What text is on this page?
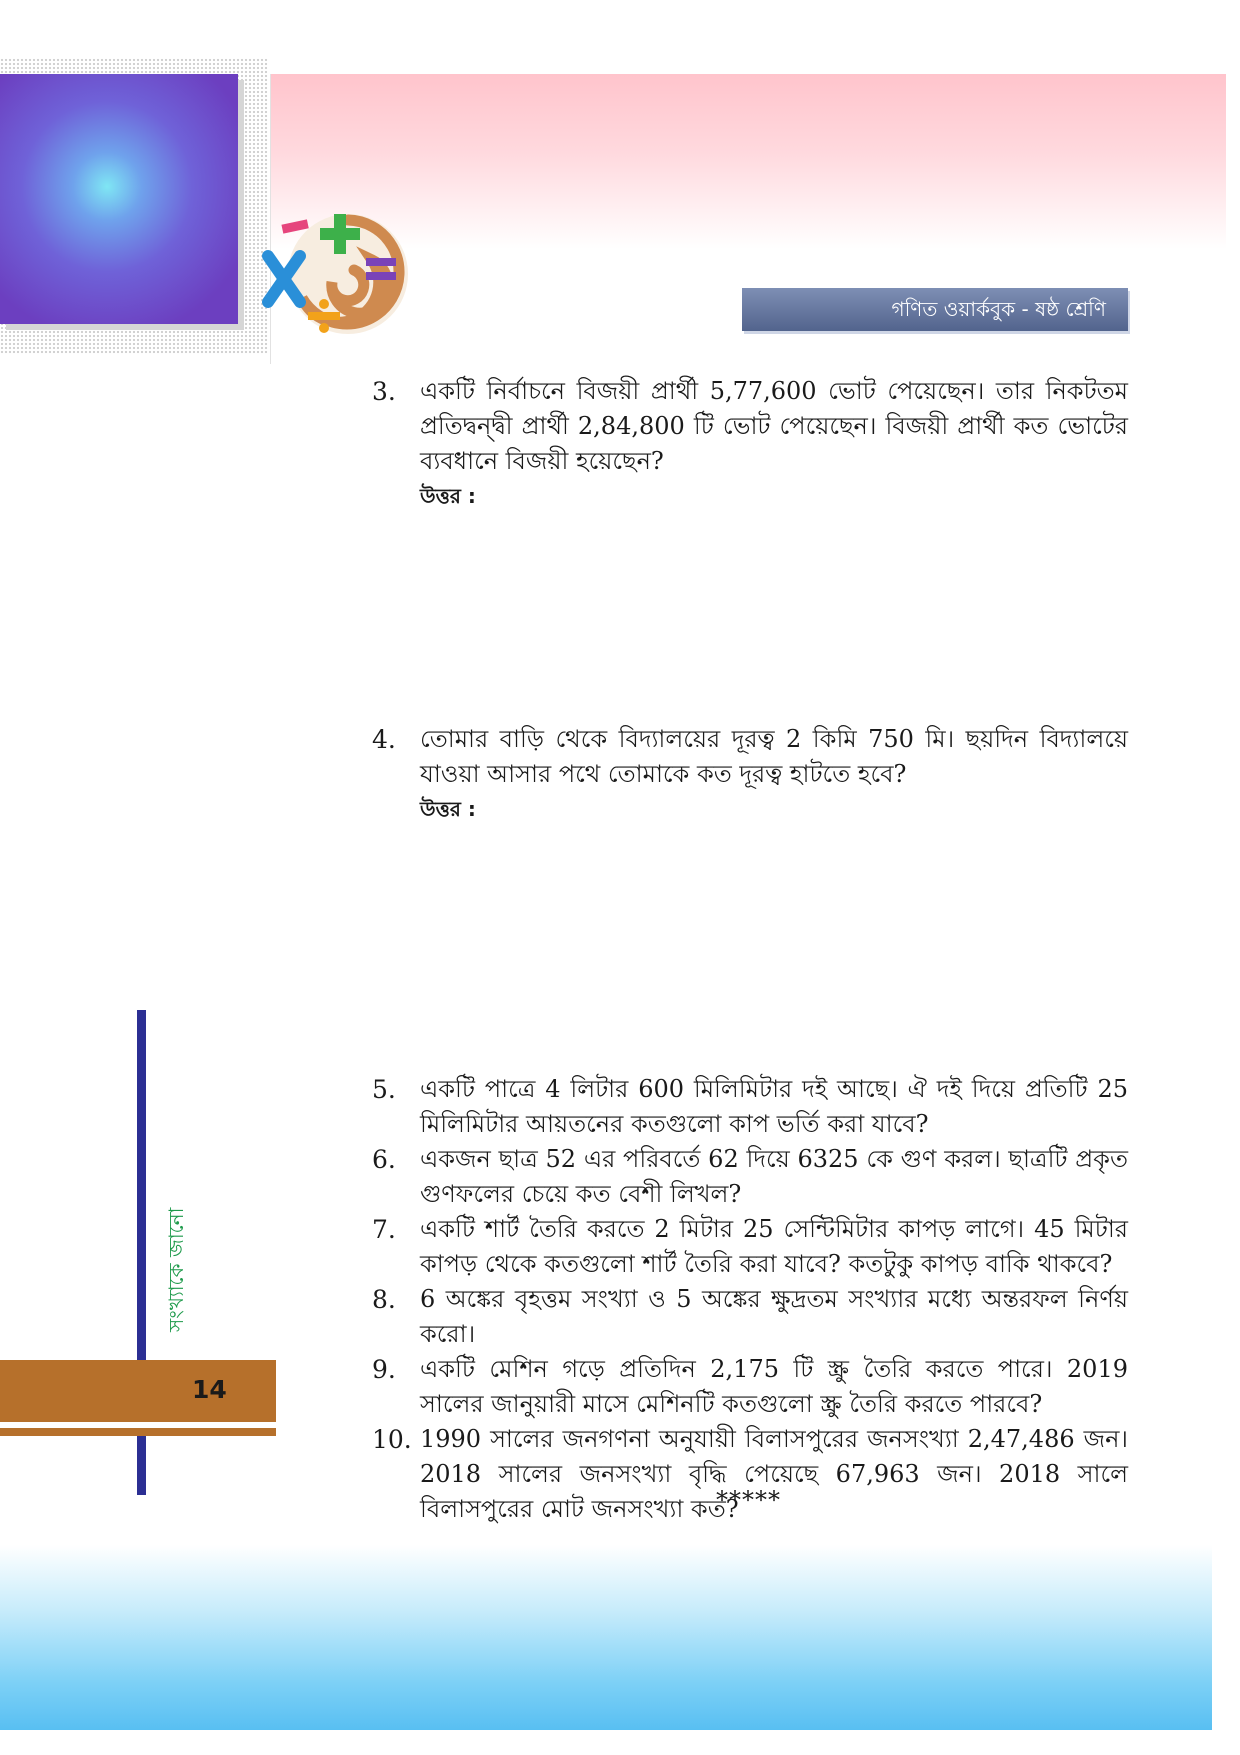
গণিত ওয়ার্কবুক - ষষ্ঠ শ্রেণি
3. একটি নির্বাচনে বিজয়ী প্রার্থী 5,77,600 ভোট পেয়েছেন। তার নিকটতম প্রতিদ্বন্দ্বী প্রার্থী 2,84,800 টি ভোট পেয়েছেন। বিজয়ী প্রার্থী কত ভোটের ব্যবধানে বিজয়ী হয়েছেন?
উত্তর :
4. তোমার বাড়ি থেকে বিদ্যালয়ের দূরত্ব 2 কিমি 750 মি। ছয়দিন বিদ্যালয়ে যাওয়া আসার পথে তোমাকে কত দূরত্ব হাটতে হবে?
উত্তর :
5. একটি পাত্রে 4 লিটার 600 মিলিমিটার দই আছে। ঐ দই দিয়ে প্রতিটি 25 মিলিমিটার আয়তনের কতগুলো কাপ ভর্তি করা যাবে?
6. একজন ছাত্র 52 এর পরিবর্তে 62 দিয়ে 6325 কে গুণ করল। ছাত্রটি প্রকৃত গুণফলের চেয়ে কত বেশী লিখল?
7. একটি শার্ট তৈরি করতে 2 মিটার 25 সেন্টিমিটার কাপড় লাগে। 45 মিটার কাপড় থেকে কতগুলো শার্ট তৈরি করা যাবে? কতটুকু কাপড় বাকি থাকবে?
8. 6 অঙ্কের বৃহত্তম সংখ্যা ও 5 অঙ্কের ক্ষুদ্রতম সংখ্যার মধ্যে অন্তরফল নির্ণয় করো।
9. একটি মেশিন গড়ে প্রতিদিন 2,175 টি স্ক্রু তৈরি করতে পারে। 2019 সালের জানুয়ারী মাসে মেশিনটি কতগুলো স্ক্রু তৈরি করতে পারবে?
10. 1990 সালের জনগণনা অনুযায়ী বিলাসপুরের জনসংখ্যা 2,47,486 জন। 2018 সালের জনসংখ্যা বৃদ্ধি পেয়েছে 67,963 জন। 2018 সালে বিলাসপুরের মোট জনসংখ্যা কত?
*****
সংখ্যাকে জানো
14
